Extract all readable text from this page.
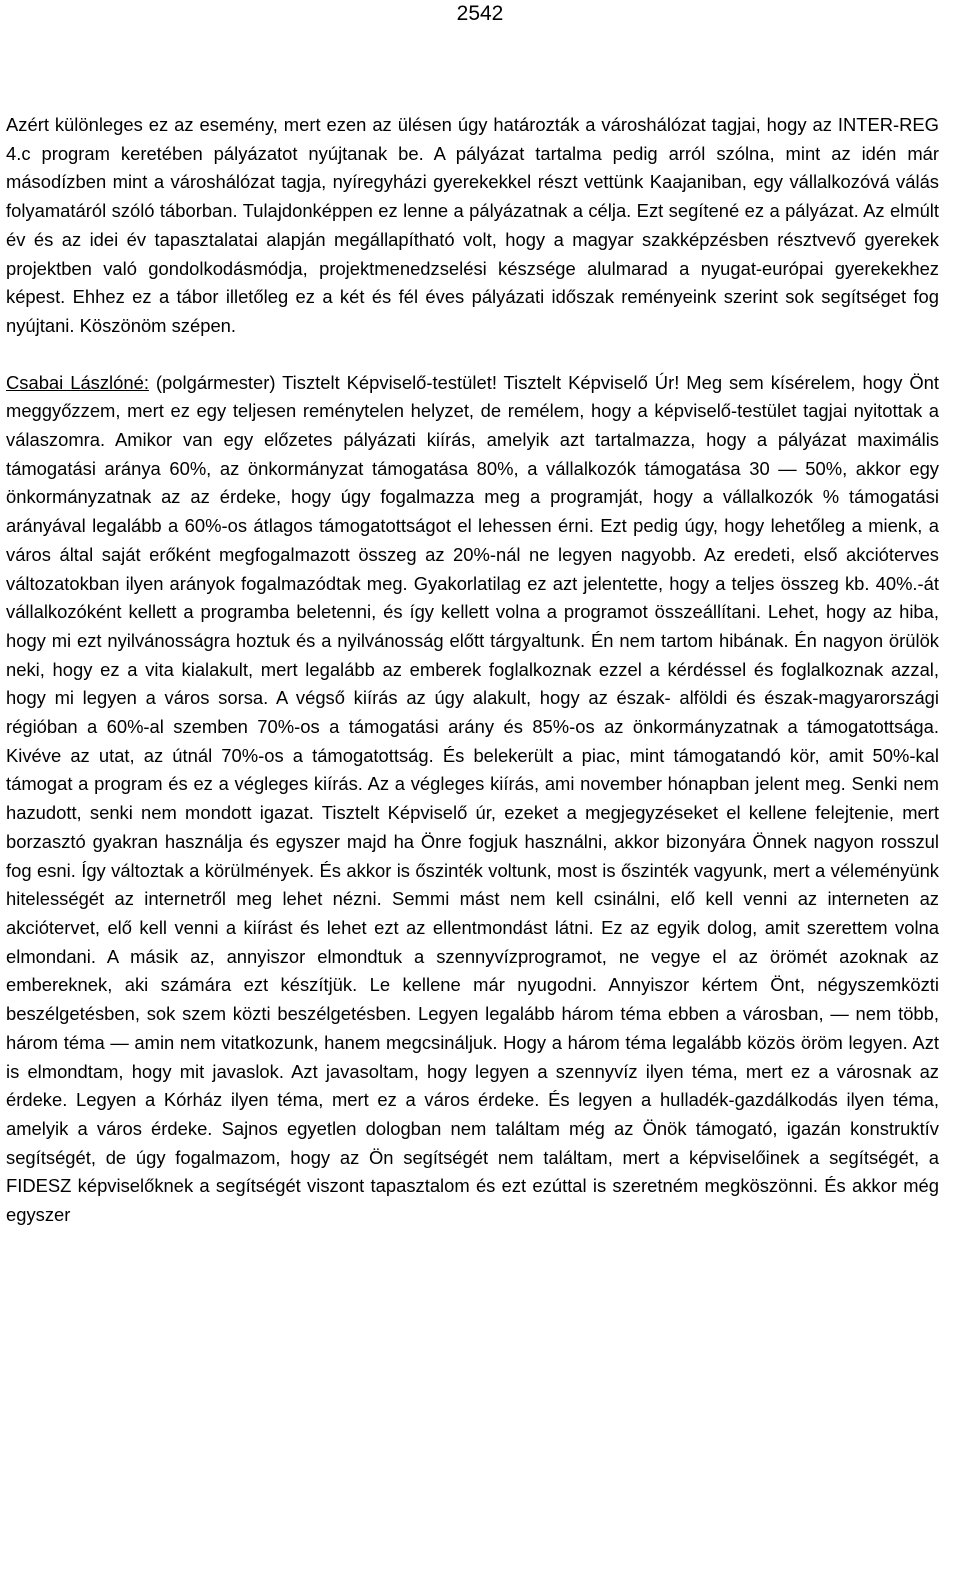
2542

Azért különleges ez az esemény, mert ezen az ülésen úgy határozták a városhálózat tagjai, hogy az INTER-REG 4.c program keretében pályázatot nyújtanak be. A pályázat tartalma pedig arról szólna, mint az idén már másodízben mint a városhálózat tagja, nyíregyházi gyerekekkel részt vettünk Kaajaniban, egy vállalkozóvá válás folyamatáról szóló táborban. Tulajdonképpen ez lenne a pályázatnak a célja. Ezt segítené ez a pályázat. Az elmúlt év és az idei év tapasztalatai alapján megállapítható volt, hogy a magyar szakképzésben résztvevő gyerekek projektben való gondolkodásmódja, projektmenedzselési készsége alulmarad a nyugat-európai gyerekekhez képest. Ehhez ez a tábor illetőleg ez a két és fél éves pályázati időszak reményeink szerint sok segítséget fog nyújtani. Köszönöm szépen.

Csabai Lászlóné: (polgármester) Tisztelt Képviselő-testület! Tisztelt Képviselő Úr! Meg sem kísérelem, hogy Önt meggyőzzem, mert ez egy teljesen reménytelen helyzet, de remélem, hogy a képviselő-testület tagjai nyitottak a válaszomra. Amikor van egy előzetes pályázati kiírás, amelyik azt tartalmazza, hogy a pályázat maximális támogatási aránya 60%, az önkormányzat támogatása 80%, a vállalkozók támogatása 30 — 50%, akkor egy önkormányzatnak az az érdeke, hogy úgy fogalmazza meg a programját, hogy a vállalkozók % támogatási arányával legalább a 60%-os átlagos támogatottságot el lehessen érni. Ezt pedig úgy, hogy lehetőleg a mienk, a város által saját erőként megfogalmazott összeg az 20%-nál ne legyen nagyobb. Az eredeti, első akcióterves változatokban ilyen arányok fogalmazódtak meg. Gyakorlatilag ez azt jelentette, hogy a teljes összeg kb. 40%.-át vállalkozóként kellett a programba beletenni, és így kellett volna a programot összeállítani. Lehet, hogy az hiba, hogy mi ezt nyilvánosságra hoztuk és a nyilvánosság előtt tárgyaltunk. Én nem tartom hibának. Én nagyon örülök neki, hogy ez a vita kialakult, mert legalább az emberek foglalkoznak ezzel a kérdéssel és foglalkoznak azzal, hogy mi legyen a város sorsa. A végső kiírás az úgy alakult, hogy az észak- alföldi és észak-magyarországi régióban a 60%-al szemben 70%-os a támogatási arány és 85%-os az önkormányzatnak a támogatottsága. Kivéve az utat, az útnál 70%-os a támogatottság. És belekerült a piac, mint támogatandó kör, amit 50%-kal támogat a program és ez a végleges kiírás. Az a végleges kiírás, ami november hónapban jelent meg. Senki nem hazudott, senki nem mondott igazat. Tisztelt Képviselő úr, ezeket a megjegyzéseket el kellene felejtenie, mert borzasztó gyakran használja és egyszer majd ha Önre fogjuk használni, akkor bizonyára Önnek nagyon rosszul fog esni. Így változtak a körülmények. És akkor is őszinték voltunk, most is őszinték vagyunk, mert a véleményünk hitelességét az internetről meg lehet nézni. Semmi mást nem kell csinálni, elő kell venni az interneten az akciótervet, elő kell venni a kiírást és lehet ezt az ellentmondást látni. Ez az egyik dolog, amit szerettem volna elmondani. A másik az, annyiszor elmondtuk a szennyvízprogramot, ne vegye el az örömét azoknak az embereknek, aki számára ezt készítjük. Le kellene már nyugodni. Annyiszor kértem Önt, négyszemközti beszélgetésben, sok szem közti beszélgetésben. Legyen legalább három téma ebben a városban, — nem több, három téma — amin nem vitatkozunk, hanem megcsináljuk. Hogy a három téma legalább közös öröm legyen. Azt is elmondtam, hogy mit javaslok. Azt javasoltam, hogy legyen a szennyvíz ilyen téma, mert ez a városnak az érdeke. Legyen a Kórház ilyen téma, mert ez a város érdeke. És legyen a hulladék-gazdálkodás ilyen téma, amelyik a város érdeke. Sajnos egyetlen dologban nem találtam még az Önök támogató, igazán konstruktív segítségét, de úgy fogalmazom, hogy az Ön segítségét nem találtam, mert a képviselőinek a segítségét, a FIDESZ képviselőknek a segítségét viszont tapasztalom és ezt ezúttal is szeretném megköszönni. És akkor még egyszer
